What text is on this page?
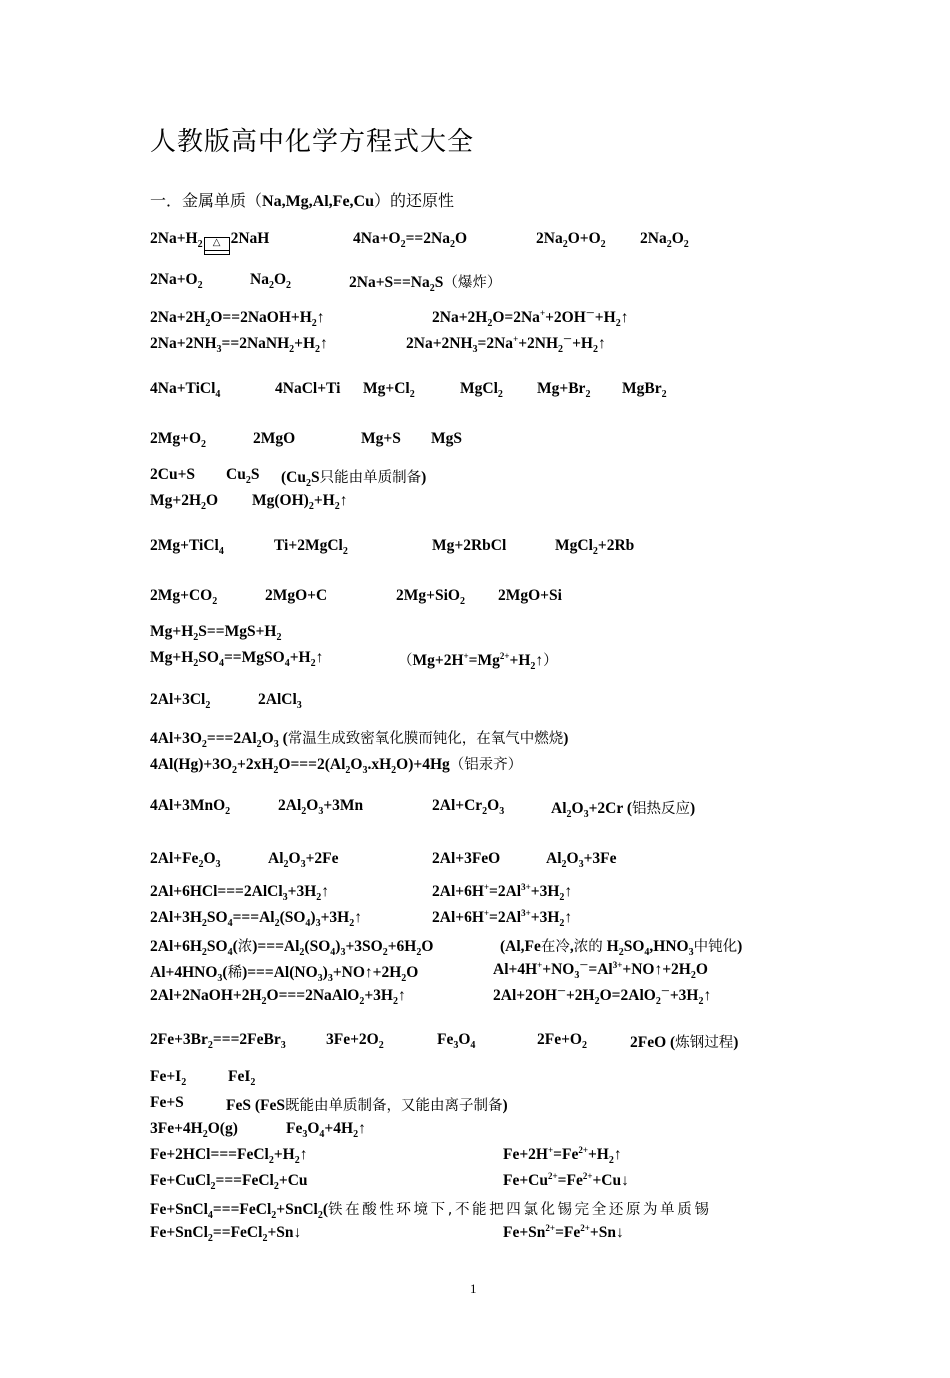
人教版高中化学方程式大全
一．金属单质（Na,Mg,Al,Fe,Cu）的还原性
$2Na+H_2$ △ 2NaH	$4Na+O_2==2Na_2O$	$2Na_2O+O_2$ $2Na_2O_2$
$2Na+O_2$	$Na_2O_2$	$2Na+S==Na_2S$（爆炸）
$2Na+2H_2O==2NaOH+H_2↑$	$2Na+2H_2O=2Na^++2OH^-+H_2↑$
$2Na+2NH_3==2NaNH_2+H_2↑$	$2Na+2NH_3=2Na^++2NH_2^-+H_2↑$
4Na+TiCl$_4$	4NaCl+Ti $Mg+Cl_2$	MgCl$_2$ $Mg+Br_2$ MgBr$_2$
$2Mg+O_2$	2MgO	Mg+S MgS
2Cu+S $Cu_2S$ ($Cu_2S$只能由单质制备)
$Mg+2H_2O$ $Mg(OH)_2+H_2↑$
2Mg+TiCl$_4$	Ti+2MgCl$_2$	Mg+2RbCl	MgCl$_2$+2Rb
$2Mg+CO_2$	2MgO+C	2Mg+SiO$_2$ 2MgO+Si
$Mg+H_2S==MgS+H_2$
$Mg+H_2SO_4==MgSO_4+H_2↑$	$(Mg+2H^+=Mg^{2+}+H_2↑)$
$2Al+3Cl_2$	2AlCl$_3$
$4Al+3O_2===2Al_2O_3$ (常温生成致密氧化膜而钝化，在氧气中燃烧)
$4Al(Hg)+3O_2+2xH_2O===2(Al_2O_3.xH_2O)+4Hg$（铝汞齐）
4Al+3MnO$_2$	$2Al_2O_3+3Mn$	$2Al+Cr_2O_3$	$Al_2O_3+2Cr$ (铝热反应)
$2Al+Fe_2O_3$	$Al_2O_3+2Fe$	2Al+3FeO	$Al_2O_3+3Fe$
$2Al+6HCl===2AlCl_3+3H_2↑$	$2Al+6H^+=2Al^{3+}+3H_2↑$
$2Al+3H_2SO_4===Al_2(SO_4)_3+3H_2↑$	$2Al+6H^+=2Al^{3+}+3H_2↑$
$2Al+6H_2SO_4$(浓)$===Al_2(SO_4)_3+3SO_2+6H_2O$	(Al,Fe在冷,浓的 $H_2SO_4,HNO_3$中钝化)
$Al+4HNO_3$(稀)$===Al(NO_3)_3+NO↑+2H_2O$	$Al+4H^++NO_3^-=Al^{3+}+NO↑+2H_2O$
$2Al+2NaOH+2H_2O===2NaAlO_2+3H_2↑$	$2Al+2OH^-+2H_2O=2AlO_2^-+3H_2↑$
$2Fe+3Br_2===2FeBr_3$	$3Fe+2O_2$	$Fe_3O_4$	$2Fe+O_2$	2FeO (炼钢过程)
$Fe+I_2$	FeI$_2$
Fe+S	FeS (FeS既能由单质制备，又能由离子制备)
$3Fe+4H_2O(g)$	$Fe_3O_4+4H_2↑$
$Fe+2HCl===FeCl_2+H_2↑$	$Fe+2H^+=Fe^{2+}+H_2↑$
Fe+CuCl$_2$===FeCl$_2$+Cu	$Fe+Cu^{2+}=Fe^{2+}+Cu↓$
Fe+SnCl$_4$===FeCl$_2$+SnCl$_2$(铁在酸性环境下,不能把四氯化锡完全还原为单质锡
Fe+SnCl$_2$==FeCl$_2$+Sn↓	$Fe+Sn^{2+}=Fe^{2+}+Sn↓$
1
